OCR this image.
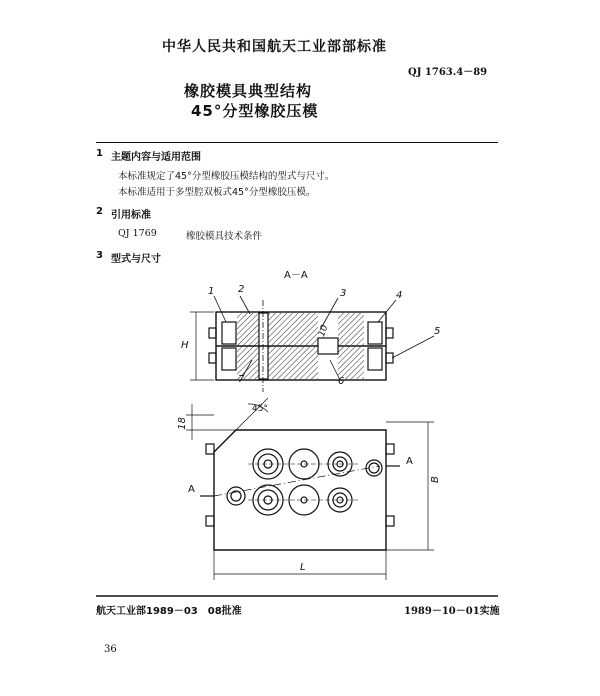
中华人民共和国航天工业部部标准
QJ 1763.4－89
橡胶模具典型结构
45°分型橡胶压模
1 主题内容与适用范围
本标准规定了45°分型橡胶压模结构的型式与尺寸。
本标准适用于多型腔双板式45°分型橡胶压模。
2 引用标准
QJ 1769	橡胶模具技术条件
3 型式与尺寸
A－A
1 2	3	4
5
6
7
10
H
45°
18
B
L
A
A
航天工业部1989－03　08批准	1989－10－01实施
36
